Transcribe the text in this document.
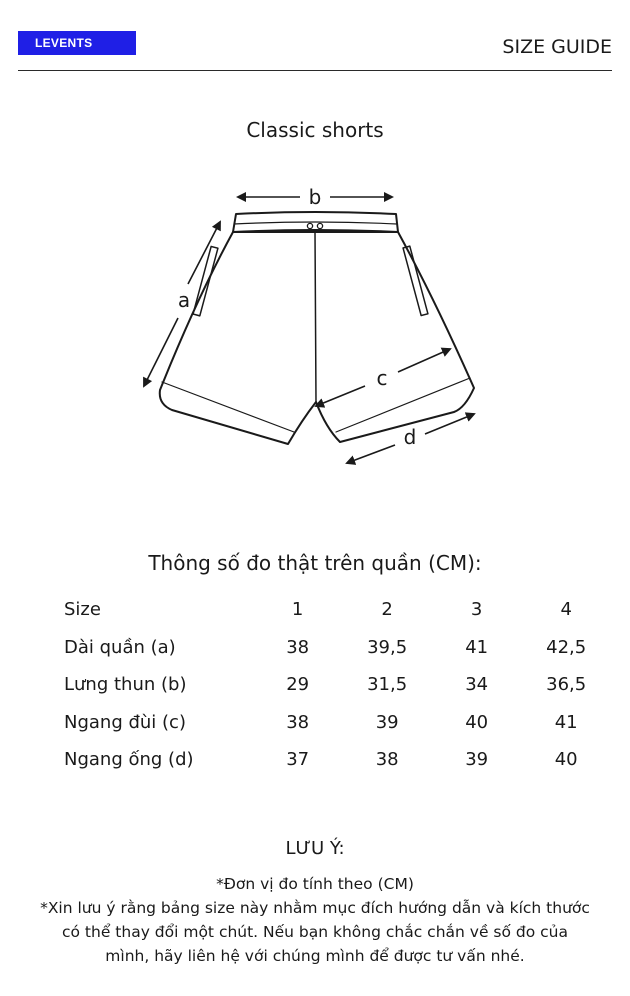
LEVENTS	SIZE GUIDE
Classic shorts
b
a
c
d
Thông số đo thật trên quần (CM):
Size	1	2	3	4
Dài quần (a)	38	39,5	41	42,5
Lưng thun (b)	29	31,5	34	36,5
Ngang đùi (c)	38	39	40	41
Ngang ống (d)	37	38	39	40
LƯU Ý:

*Đơn vị đo tính theo (CM)

*Xin lưu ý rằng bảng size này nhằm mục đích hướng dẫn và kích thước có thể thay đổi một chút. Nếu bạn không chắc chắn về số đo của mình, hãy liên hệ với chúng mình để được tư vấn nhé.
